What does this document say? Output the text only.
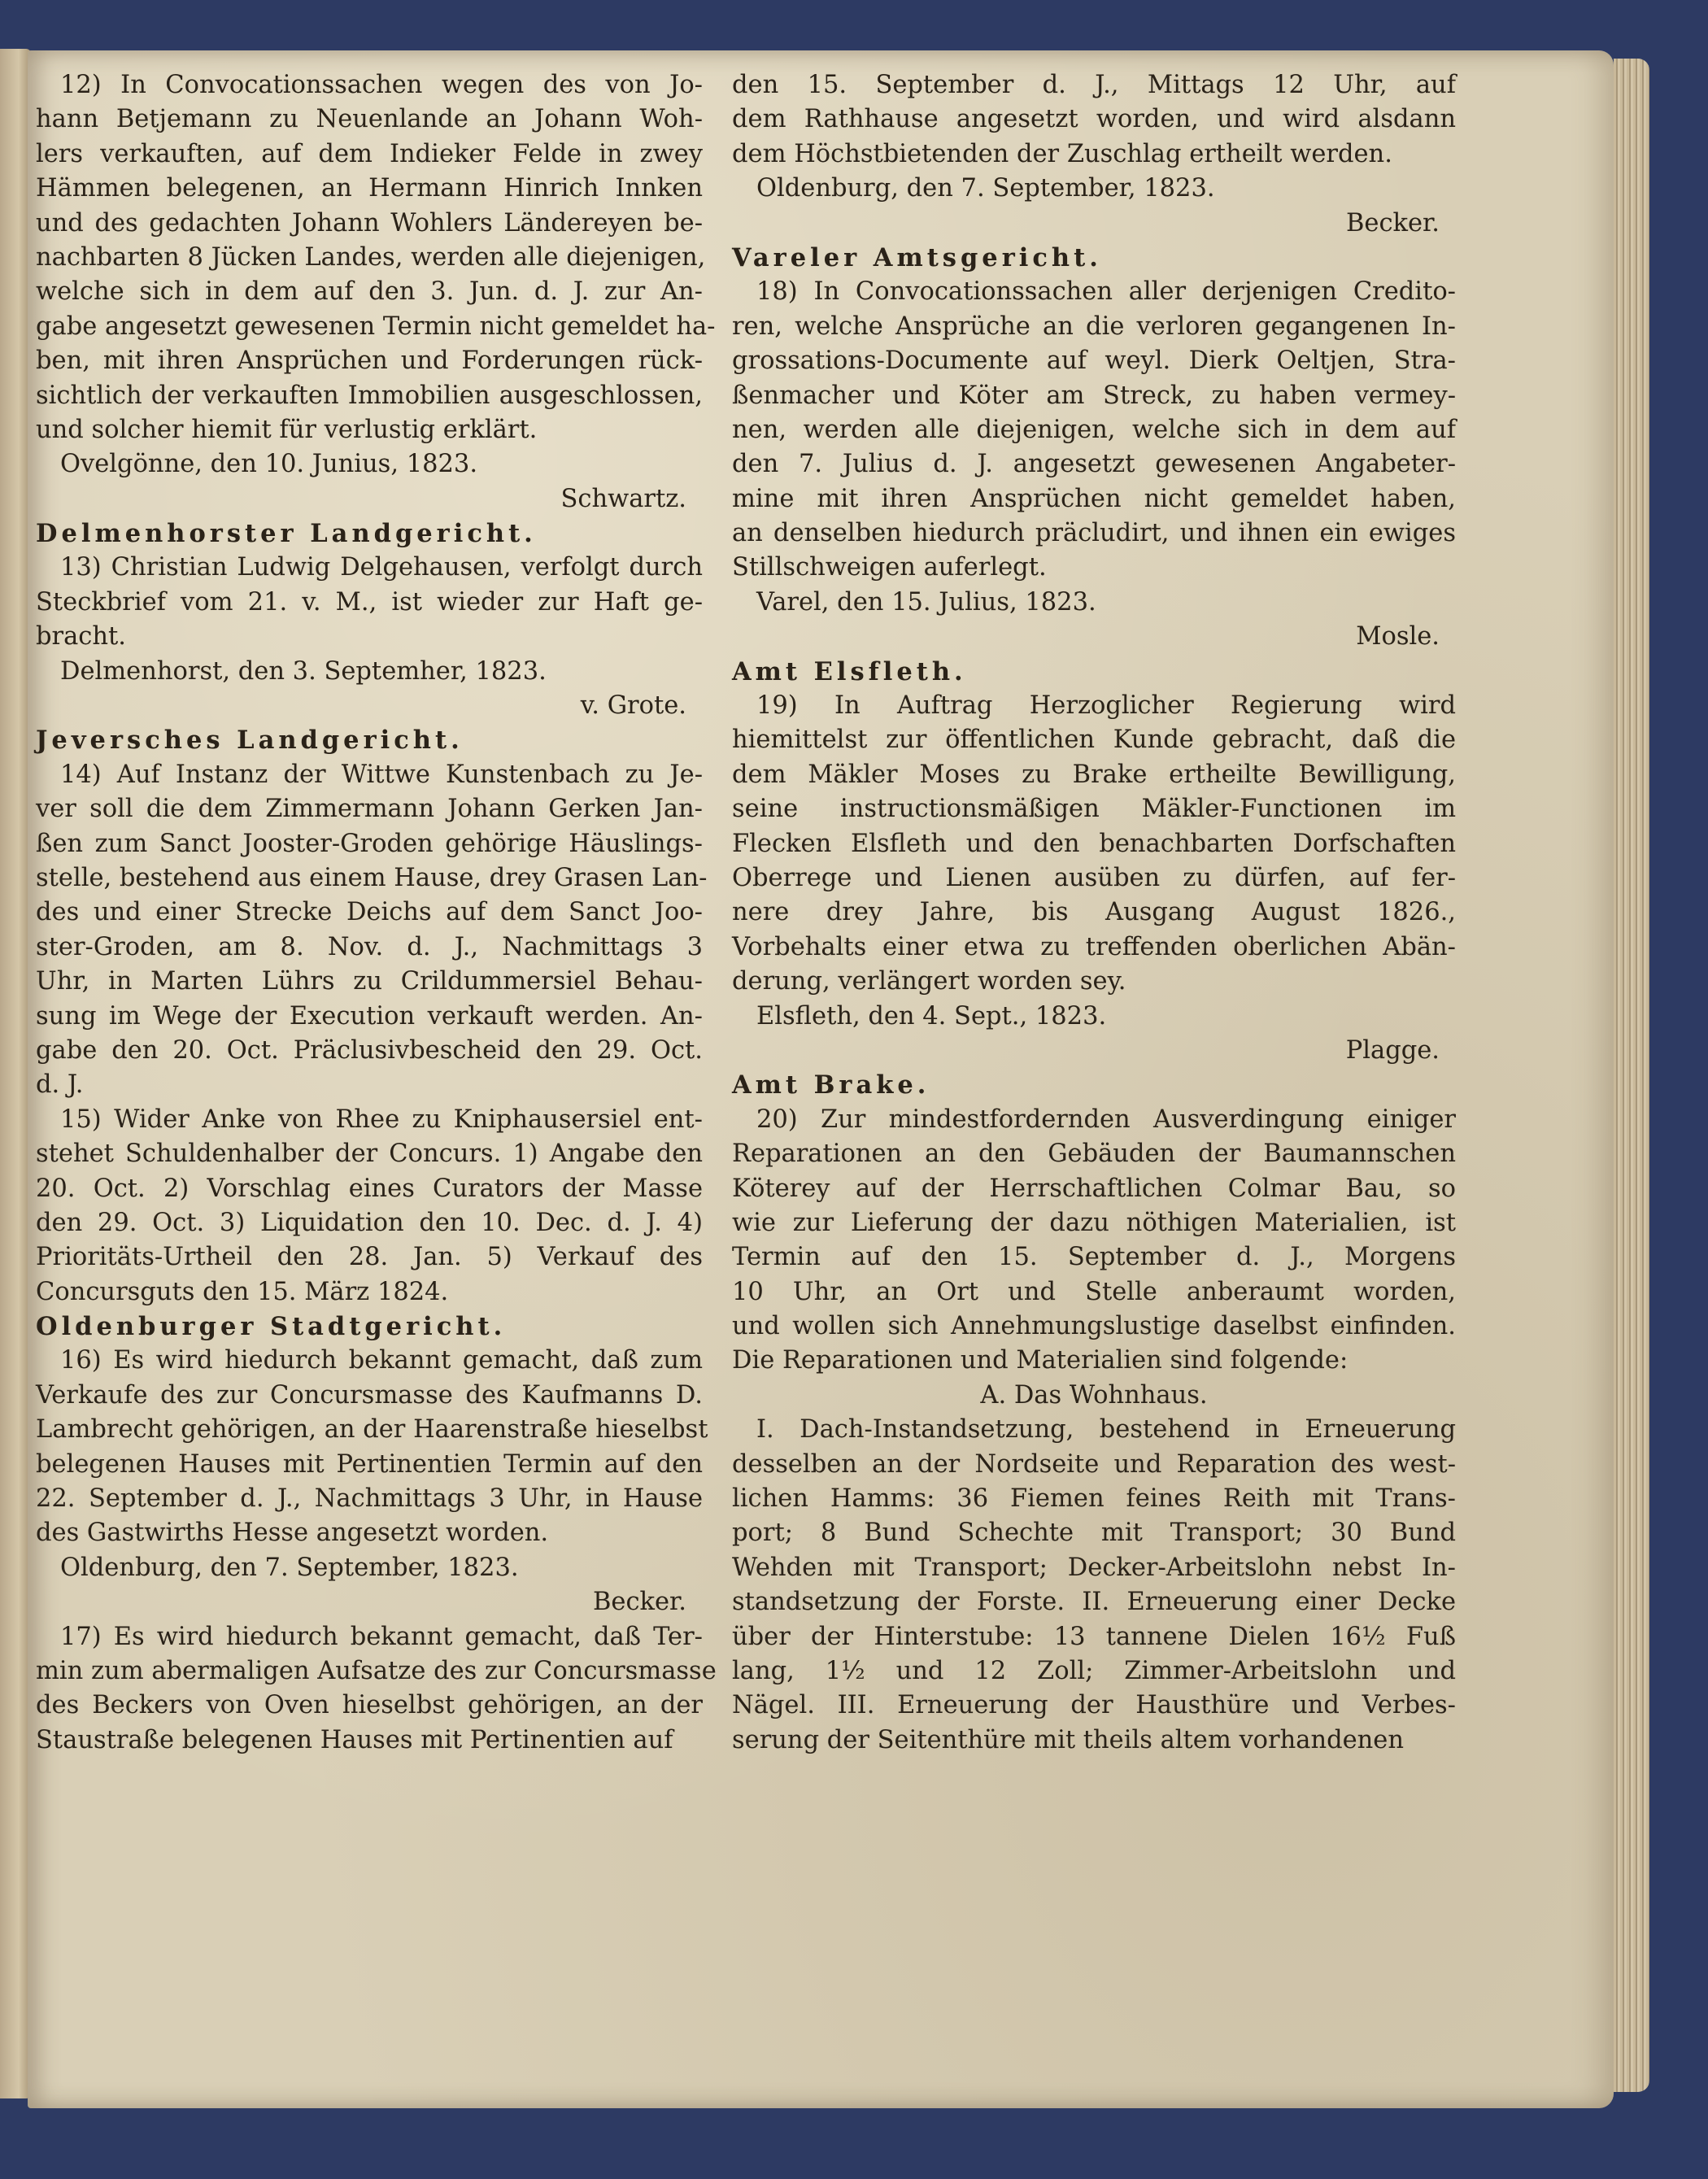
12) In Convocationssachen wegen des von Jo-
hann Betjemann zu Neuenlande an Johann Woh-
lers verkauften, auf dem Indieker Felde in zwey
Hämmen belegenen, an Hermann Hinrich Innken
und des gedachten Johann Wohlers Ländereyen be-
nachbarten 8 Jücken Landes, werden alle diejenigen,
welche sich in dem auf den 3. Jun. d. J. zur An-
gabe angesetzt gewesenen Termin nicht gemeldet ha-
ben, mit ihren Ansprüchen und Forderungen rück-
sichtlich der verkauften Immobilien ausgeschlossen,
und solcher hiemit für verlustig erklärt.
Ovelgönne, den 10. Junius, 1823.
Schwartz.
Delmenhorster Landgericht.
13) Christian Ludwig Delgehausen, verfolgt durch
Steckbrief vom 21. v. M., ist wieder zur Haft ge-
bracht.
Delmenhorst, den 3. Septemher, 1823.
v. Grote.
Jeversches Landgericht.
14) Auf Instanz der Wittwe Kunstenbach zu Je-
ver soll die dem Zimmermann Johann Gerken Jan-
ßen zum Sanct Jooster-Groden gehörige Häuslings-
stelle, bestehend aus einem Hause, drey Grasen Lan-
des und einer Strecke Deichs auf dem Sanct Joo-
ster-Groden, am 8. Nov. d. J., Nachmittags 3
Uhr, in Marten Lührs zu Crildummersiel Behau-
sung im Wege der Execution verkauft werden. An-
gabe den 20. Oct. Präclusivbescheid den 29. Oct.
d. J.
15) Wider Anke von Rhee zu Kniphausersiel ent-
stehet Schuldenhalber der Concurs. 1) Angabe den
20. Oct. 2) Vorschlag eines Curators der Masse
den 29. Oct. 3) Liquidation den 10. Dec. d. J. 4)
Prioritäts-Urtheil den 28. Jan. 5) Verkauf des
Concursguts den 15. März 1824.
Oldenburger Stadtgericht.
16) Es wird hiedurch bekannt gemacht, daß zum
Verkaufe des zur Concursmasse des Kaufmanns D.
Lambrecht gehörigen, an der Haarenstraße hieselbst
belegenen Hauses mit Pertinentien Termin auf den
22. September d. J., Nachmittags 3 Uhr, in Hause
des Gastwirths Hesse angesetzt worden.
Oldenburg, den 7. September, 1823.
Becker.
17) Es wird hiedurch bekannt gemacht, daß Ter-
min zum abermaligen Aufsatze des zur Concursmasse
des Beckers von Oven hieselbst gehörigen, an der
Staustraße belegenen Hauses mit Pertinentien auf
den 15. September d. J., Mittags 12 Uhr, auf
dem Rathhause angesetzt worden, und wird alsdann
dem Höchstbietenden der Zuschlag ertheilt werden.
Oldenburg, den 7. September, 1823.
Becker.
Vareler Amtsgericht.
18) In Convocationssachen aller derjenigen Credito-
ren, welche Ansprüche an die verloren gegangenen In-
grossations-Documente auf weyl. Dierk Oeltjen, Stra-
ßenmacher und Köter am Streck, zu haben vermey-
nen, werden alle diejenigen, welche sich in dem auf
den 7. Julius d. J. angesetzt gewesenen Angabeter-
mine mit ihren Ansprüchen nicht gemeldet haben,
an denselben hiedurch präcludirt, und ihnen ein ewiges
Stillschweigen auferlegt.
Varel, den 15. Julius, 1823.
Mosle.
Amt Elsfleth.
19) In Auftrag Herzoglicher Regierung wird
hiemittelst zur öffentlichen Kunde gebracht, daß die
dem Mäkler Moses zu Brake ertheilte Bewilligung,
seine instructionsmäßigen Mäkler-Functionen im
Flecken Elsfleth und den benachbarten Dorfschaften
Oberrege und Lienen ausüben zu dürfen, auf fer-
nere drey Jahre, bis Ausgang August 1826.,
Vorbehalts einer etwa zu treffenden oberlichen Abän-
derung, verlängert worden sey.
Elsfleth, den 4. Sept., 1823.
Plagge.
Amt Brake.
20) Zur mindestfordernden Ausverdingung einiger
Reparationen an den Gebäuden der Baumannschen
Köterey auf der Herrschaftlichen Colmar Bau, so
wie zur Lieferung der dazu nöthigen Materialien, ist
Termin auf den 15. September d. J., Morgens
10 Uhr, an Ort und Stelle anberaumt worden,
und wollen sich Annehmungslustige daselbst einfinden.
Die Reparationen und Materialien sind folgende:
A. Das Wohnhaus.
I. Dach-Instandsetzung, bestehend in Erneuerung
desselben an der Nordseite und Reparation des west-
lichen Hamms: 36 Fiemen feines Reith mit Trans-
port; 8 Bund Schechte mit Transport; 30 Bund
Wehden mit Transport; Decker-Arbeitslohn nebst In-
standsetzung der Forste. II. Erneuerung einer Decke
über der Hinterstube: 13 tannene Dielen 16½ Fuß
lang, 1½ und 12 Zoll; Zimmer-Arbeitslohn und
Nägel. III. Erneuerung der Hausthüre und Verbes-
serung der Seitenthüre mit theils altem vorhandenen
